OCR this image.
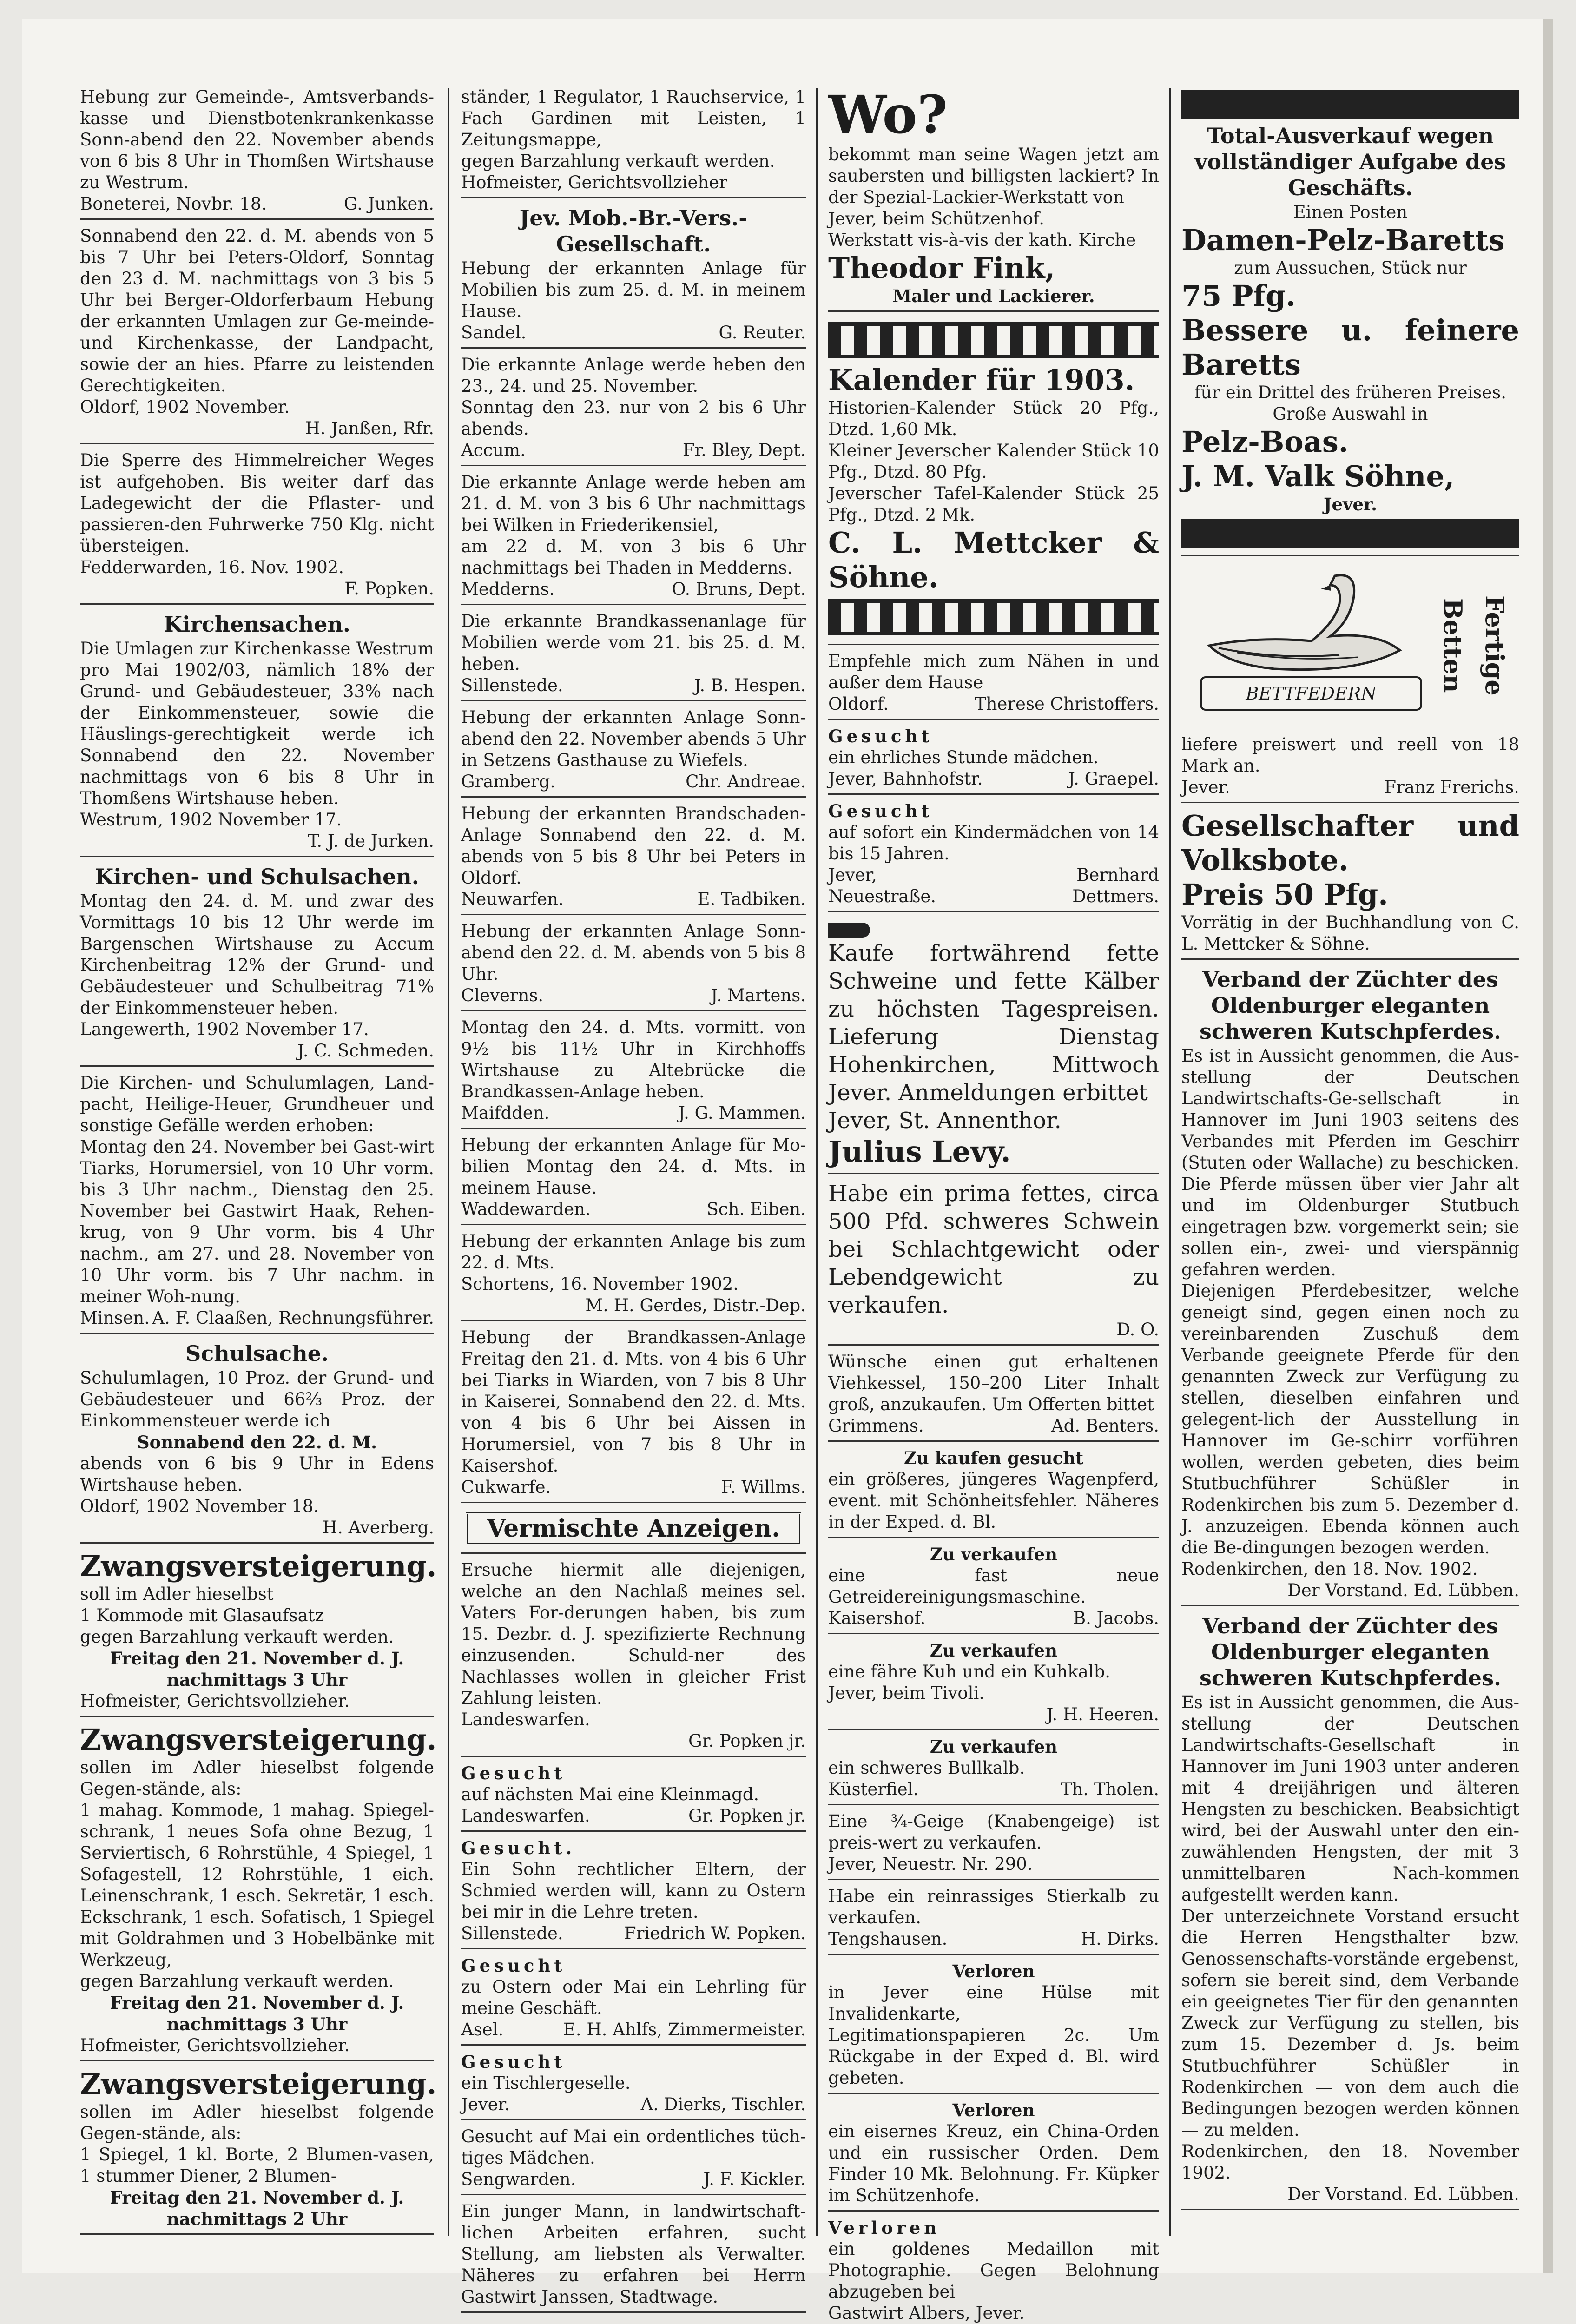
Hebung zur Gemeinde-, Amtsverbands-kasse und Dienstbotenkrankenkasse Sonn-abend den 22. November abends von 6 bis 8 Uhr in Thomßen Wirtshause zu Westrum.

Boneterei, Novbr. 18.	G. Junken.

Sonnabend den 22. d. M. abends von 5 bis 7 Uhr bei Peters-Oldorf, Sonntag den 23 d. M. nachmittags von 3 bis 5 Uhr bei Berger-Oldorferbaum Hebung der erkannten Umlagen zur Ge-meinde- und Kirchenkasse, der Landpacht, sowie der an hies. Pfarre zu leistenden Gerechtigkeiten.

Oldorf, 1902 November.

H. Janßen, Rfr.

Die Sperre des Himmelreicher Weges ist aufgehoben. Bis weiter darf das Ladegewicht der die Pflaster- und passieren-den Fuhrwerke 750 Klg. nicht übersteigen.

Fedderwarden, 16. Nov. 1902.

F. Popken.
Kirchensachen.

Die Umlagen zur Kirchenkasse Westrum pro Mai 1902/03, nämlich 18% der Grund- und Gebäudesteuer, 33% nach der Einkommensteuer, sowie die Häuslings-gerechtigkeit werde ich Sonnabend den 22. November nachmittags von 6 bis 8 Uhr in Thomßens Wirtshause heben.

Westrum, 1902 November 17.

T. J. de Jurken.
Kirchen- und Schulsachen.

Montag den 24. d. M. und zwar des Vormittags 10 bis 12 Uhr werde im Bargenschen Wirtshause zu Accum Kirchenbeitrag 12% der Grund- und Gebäudesteuer und Schulbeitrag 71% der Einkommensteuer heben.

Langewerth, 1902 November 17.

J. C. Schmeden.

Die Kirchen- und Schulumlagen, Land-pacht, Heilige-Heuer, Grundheuer und sonstige Gefälle werden erhoben:

Montag den 24. November bei Gast-wirt Tiarks, Horumersiel, von 10 Uhr vorm. bis 3 Uhr nachm., Dienstag den 25. November bei Gastwirt Haak, Rehen-krug, von 9 Uhr vorm. bis 4 Uhr nachm., am 27. und 28. November von 10 Uhr vorm. bis 7 Uhr nachm. in meiner Woh-nung.

Minsen. A. F. Claaßen, Rechnungsführer.
Schulsache.

Schulumlagen, 10 Proz. der Grund- und Gebäudesteuer und 66⅔ Proz. der Einkommensteuer werde ich

Sonnabend den 22. d. M.

abends von 6 bis 9 Uhr in Edens Wirtshause heben.

Oldorf, 1902 November 18.

H. Averberg.

Zwangsversteigerung.

soll im Adler hieselbst

1 Kommode mit Glasaufsatz

gegen Barzahlung verkauft werden.

Freitag den 21. November d. J. nachmittags 3 Uhr

Hofmeister, Gerichtsvollzieher.

Zwangsversteigerung.

sollen im Adler hieselbst folgende Gegen-stände, als:

1 mahag. Kommode, 1 mahag. Spiegel-schrank, 1 neues Sofa ohne Bezug, 1 Serviertisch, 6 Rohrstühle, 4 Spiegel, 1 Sofagestell, 12 Rohrstühle, 1 eich. Leinenschrank, 1 esch. Sekretär, 1 esch. Eckschrank, 1 esch. Sofatisch, 1 Spiegel mit Goldrahmen und 3 Hobelbänke mit Werkzeug,

gegen Barzahlung verkauft werden.

Freitag den 21. November d. J. nachmittags 3 Uhr

Hofmeister, Gerichtsvollzieher.

Zwangsversteigerung.

sollen im Adler hieselbst folgende Gegen-stände, als:

1 Spiegel, 1 kl. Borte, 2 Blumen-vasen, 1 stummer Diener, 2 Blumen-

Freitag den 21. November d. J. nachmittags 2 Uhr

ständer, 1 Regulator, 1 Rauchservice, 1 Fach Gardinen mit Leisten, 1 Zeitungsmappe,

gegen Barzahlung verkauft werden.

Hofmeister, Gerichtsvollzieher
Jev. Mob.-Br.-Vers.-Gesellschaft.

Hebung der erkannten Anlage für Mobilien bis zum 25. d. M. in meinem Hause.

Sandel.	G. Reuter.

Die erkannte Anlage werde heben den 23., 24. und 25. November.

Sonntag den 23. nur von 2 bis 6 Uhr abends.

Accum.	Fr. Bley, Dept.

Die erkannte Anlage werde heben am 21. d. M. von 3 bis 6 Uhr nachmittags bei Wilken in Friederikensiel,

am 22 d. M. von 3 bis 6 Uhr nachmittags bei Thaden in Medderns.

Medderns.	O. Bruns, Dept.

Die erkannte Brandkassenanlage für Mobilien werde vom 21. bis 25. d. M. heben.

Sillenstede.	J. B. Hespen.

Hebung der erkannten Anlage Sonn-abend den 22. November abends 5 Uhr in Setzens Gasthause zu Wiefels.

Gramberg.	Chr. Andreae.

Hebung der erkannten Brandschaden-Anlage Sonnabend den 22. d. M. abends von 5 bis 8 Uhr bei Peters in Oldorf.

Neuwarfen.	E. Tadbiken.

Hebung der erkannten Anlage Sonn-abend den 22. d. M. abends von 5 bis 8 Uhr.

Cleverns.	J. Martens.

Montag den 24. d. Mts. vormitt. von 9½ bis 11½ Uhr in Kirchhoffs Wirtshause zu Altebrücke die Brandkassen-Anlage heben.

Maifdden.	J. G. Mammen.

Hebung der erkannten Anlage für Mo-bilien Montag den 24. d. Mts. in meinem Hause.

Waddewarden.	Sch. Eiben.

Hebung der erkannten Anlage bis zum 22. d. Mts.

Schortens, 16. November 1902.

M. H. Gerdes, Distr.-Dep.

Hebung der Brandkassen-Anlage Freitag den 21. d. Mts. von 4 bis 6 Uhr bei Tiarks in Wiarden, von 7 bis 8 Uhr in Kaiserei, Sonnabend den 22. d. Mts. von 4 bis 6 Uhr bei Aissen in Horumersiel, von 7 bis 8 Uhr in Kaisershof.

Cukwarfe.	F. Willms.
Vermischte Anzeigen.

Ersuche hiermit alle diejenigen, welche an den Nachlaß meines sel. Vaters For-derungen haben, bis zum 15. Dezbr. d. J. spezifizierte Rechnung einzusenden. Schuld-ner des Nachlasses wollen in gleicher Frist Zahlung leisten.

Landeswarfen.

Gr. Popken jr.

Gesucht

auf nächsten Mai eine Kleinmagd.

Landeswarfen.	Gr. Popken jr.

Gesucht.

Ein Sohn rechtlicher Eltern, der Schmied werden will, kann zu Ostern bei mir in die Lehre treten.

Sillenstede.	Friedrich W. Popken.

Gesucht

zu Ostern oder Mai ein Lehrling für meine Geschäft.

Asel.	E. H. Ahlfs, Zimmermeister.

Gesucht

ein Tischlergeselle.

Jever.	A. Dierks, Tischler.

Gesucht auf Mai ein ordentliches tüch-tiges Mädchen.

Sengwarden.	J. F. Kickler.

Ein junger Mann, in landwirtschaft-lichen Arbeiten erfahren, sucht Stellung, am liebsten als Verwalter. Näheres zu erfahren bei Herrn Gastwirt Janssen, Stadtwage.

Wo?

bekommt man seine Wagen jetzt am saubersten und billigsten lackiert? In der Spezial-Lackier-Werkstatt von

Jever, beim Schützenhof.

Werkstatt vis-à-vis der kath. Kirche

Theodor Fink,

Maler und Lackierer.

Kalender für 1903.

Historien-Kalender Stück 20 Pfg., Dtzd. 1,60 Mk.

Kleiner Jeverscher Kalender Stück 10 Pfg., Dtzd. 80 Pfg.

Jeverscher Tafel-Kalender Stück 25 Pfg., Dtzd. 2 Mk.

C. L. Mettcker & Söhne.

Empfehle mich zum Nähen in und außer dem Hause

Oldorf.	Therese Christoffers.

Gesucht

ein ehrliches Stunde mädchen.

Jever, Bahnhofstr.	J. Graepel.

Gesucht

auf sofort ein Kindermädchen von 14 bis 15 Jahren.

Jever, Neuestraße.
Bernhard Dettmers.

Kaufe fortwährend fette Schweine und fette Kälber zu höchsten Tagespreisen. Lieferung Dienstag Hohenkirchen, Mittwoch Jever. Anmeldungen erbittet

Jever, St. Annenthor.

Julius Levy.

Habe ein prima fettes, circa 500 Pfd. schweres Schwein bei Schlachtgewicht oder Lebendgewicht zu verkaufen.

D. O.

Wünsche einen gut erhaltenen Viehkessel, 150–200 Liter Inhalt groß, anzukaufen. Um Offerten bittet

Grimmens.	Ad. Benters.

Zu kaufen gesucht

ein größeres, jüngeres Wagenpferd, event. mit Schönheitsfehler. Näheres in der Exped. d. Bl.

Zu verkaufen

eine fast neue Getreidereinigungsmaschine.

Kaisershof.	B. Jacobs.

Zu verkaufen

eine fähre Kuh und ein Kuhkalb.

Jever, beim Tivoli.

J. H. Heeren.

Zu verkaufen

ein schweres Bullkalb.

Küsterfiel.	Th. Tholen.

Eine ¾-Geige (Knabengeige) ist preis-wert zu verkaufen.

Jever, Neuestr. Nr. 290.

Habe ein reinrassiges Stierkalb zu verkaufen.

Tengshausen.	H. Dirks.

Verloren

in Jever eine Hülse mit Invalidenkarte, Legitimationspapieren 2c. Um Rückgabe in der Exped d. Bl. wird gebeten.

Verloren

ein eisernes Kreuz, ein China-Orden und ein russischer Orden. Dem Finder 10 Mk. Belohnung. Fr. Küpker im Schützenhofe.

Verloren

ein goldenes Medaillon mit Photographie. Gegen Belohnung abzugeben bei

Gastwirt Albers, Jever.

Total-Ausverkauf wegen vollständiger Aufgabe des Geschäfts.

Einen Posten

Damen-Pelz-Baretts

zum Aussuchen, Stück nur

75 Pfg.

Bessere u. feinere Baretts

für ein Drittel des früheren Preises.

Große Auswahl in

Pelz-Boas.

J. M. Valk Söhne,

Jever.

BETTFEDERN	Fertige Betten

liefere preiswert und reell von 18 Mark an.

Jever.	Franz Frerichs.

Gesellschafter und Volksbote.

Preis 50 Pfg.

Vorrätig in der Buchhandlung von C. L. Mettcker & Söhne.

Verband der Züchter des Oldenburger eleganten schweren Kutschpferdes.

Es ist in Aussicht genommen, die Aus-stellung der Deutschen Landwirtschafts-Ge-sellschaft in Hannover im Juni 1903 seitens des Verbandes mit Pferden im Geschirr (Stuten oder Wallache) zu beschicken. Die Pferde müssen über vier Jahr alt und im Oldenburger Stutbuch eingetragen bzw. vorgemerkt sein; sie sollen ein-, zwei- und vierspännig gefahren werden.

Diejenigen Pferdebesitzer, welche geneigt sind, gegen einen noch zu vereinbarenden Zuschuß dem Verbande geeignete Pferde für den genannten Zweck zur Verfügung zu stellen, dieselben einfahren und gelegent-lich der Ausstellung in Hannover im Ge-schirr vorführen wollen, werden gebeten, dies beim Stutbuchführer Schüßler in Rodenkirchen bis zum 5. Dezember d. J. anzuzeigen. Ebenda können auch die Be-dingungen bezogen werden.

Rodenkirchen, den 18. Nov. 1902.

Der Vorstand. Ed. Lübben.
Verband der Züchter des Oldenburger eleganten schweren Kutschpferdes.

Es ist in Aussicht genommen, die Aus-stellung der Deutschen Landwirtschafts-Gesellschaft in Hannover im Juni 1903 unter anderen mit 4 dreijährigen und älteren Hengsten zu beschicken. Beabsichtigt wird, bei der Auswahl unter den ein-zuwählenden Hengsten, der mit 3 unmittelbaren Nach-kommen aufgestellt werden kann.

Der unterzeichnete Vorstand ersucht die Herren Hengsthalter bzw. Genossenschafts-vorstände ergebenst, sofern sie bereit sind, dem Verbande ein geeignetes Tier für den genannten Zweck zur Verfügung zu stellen, bis zum 15. Dezember d. Js. beim Stutbuchführer Schüßler in Rodenkirchen — von dem auch die Bedingungen bezogen werden können — zu melden.

Rodenkirchen, den 18. November 1902.

Der Vorstand. Ed. Lübben.
